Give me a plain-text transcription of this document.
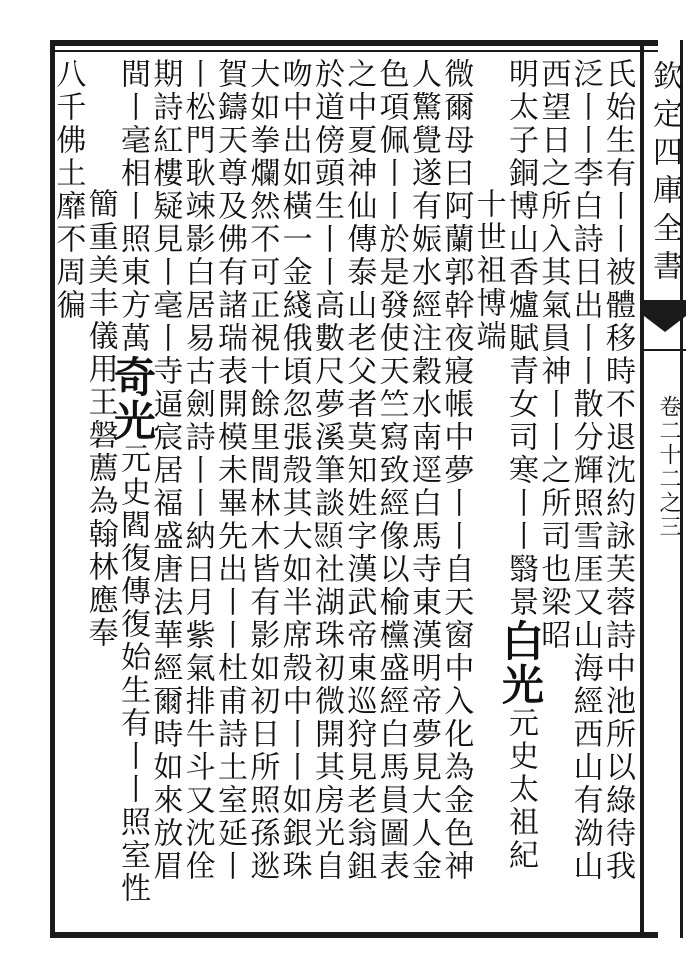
欽定四庫全書
卷二十二之三
氏始生有丨丨被體移時不退沈約詠芙蓉詩中池所以綠待我
泛丨丨李白詩日出丨丨散分輝照雪厓又山海經西山有泑山
西望日之所入其氣員神丨丨之所司也梁昭
明太子銅博山香爐賦青女司寒丨丨翳景白光元史太祖紀
十世祖博端
微爾母曰阿蘭郭幹夜寢帳中夢丨丨自天窗中入化為金色神
人驚覺遂有娠水經注穀水南逕白馬寺東漢明帝夢見大人金
色項佩丨丨於是發使天竺寫致經像以榆欓盛經白馬員圖表
之中夏神仙傳泰山老父者莫知姓字漢武帝東巡狩見老翁鉏
於道傍頭生丨丨高數尺夢溪筆談𩒳社湖珠初微開其房光自
吻中出如橫一金綫俄頃忽張殼其大如半席殼中丨丨如銀珠
大如拳爛然不可正視十餘里間林木皆有影如初日所照孫逖
賀鑄天尊及佛有諸瑞表開模未畢先出丨丨杜甫詩土室延丨
丨松門耿竦影白居易古劍詩丨丨納日月紫氣排牛斗又沈佺
期詩紅樓疑見丨毫丨寺逼宸居福盛唐法華經爾時如來放眉
間丨毫相丨照東方萬奇光元史閻復傳復始生有丨丨照室性
簡重美丰儀用王磐薦為翰林應奉
八千佛土靡不周徧
